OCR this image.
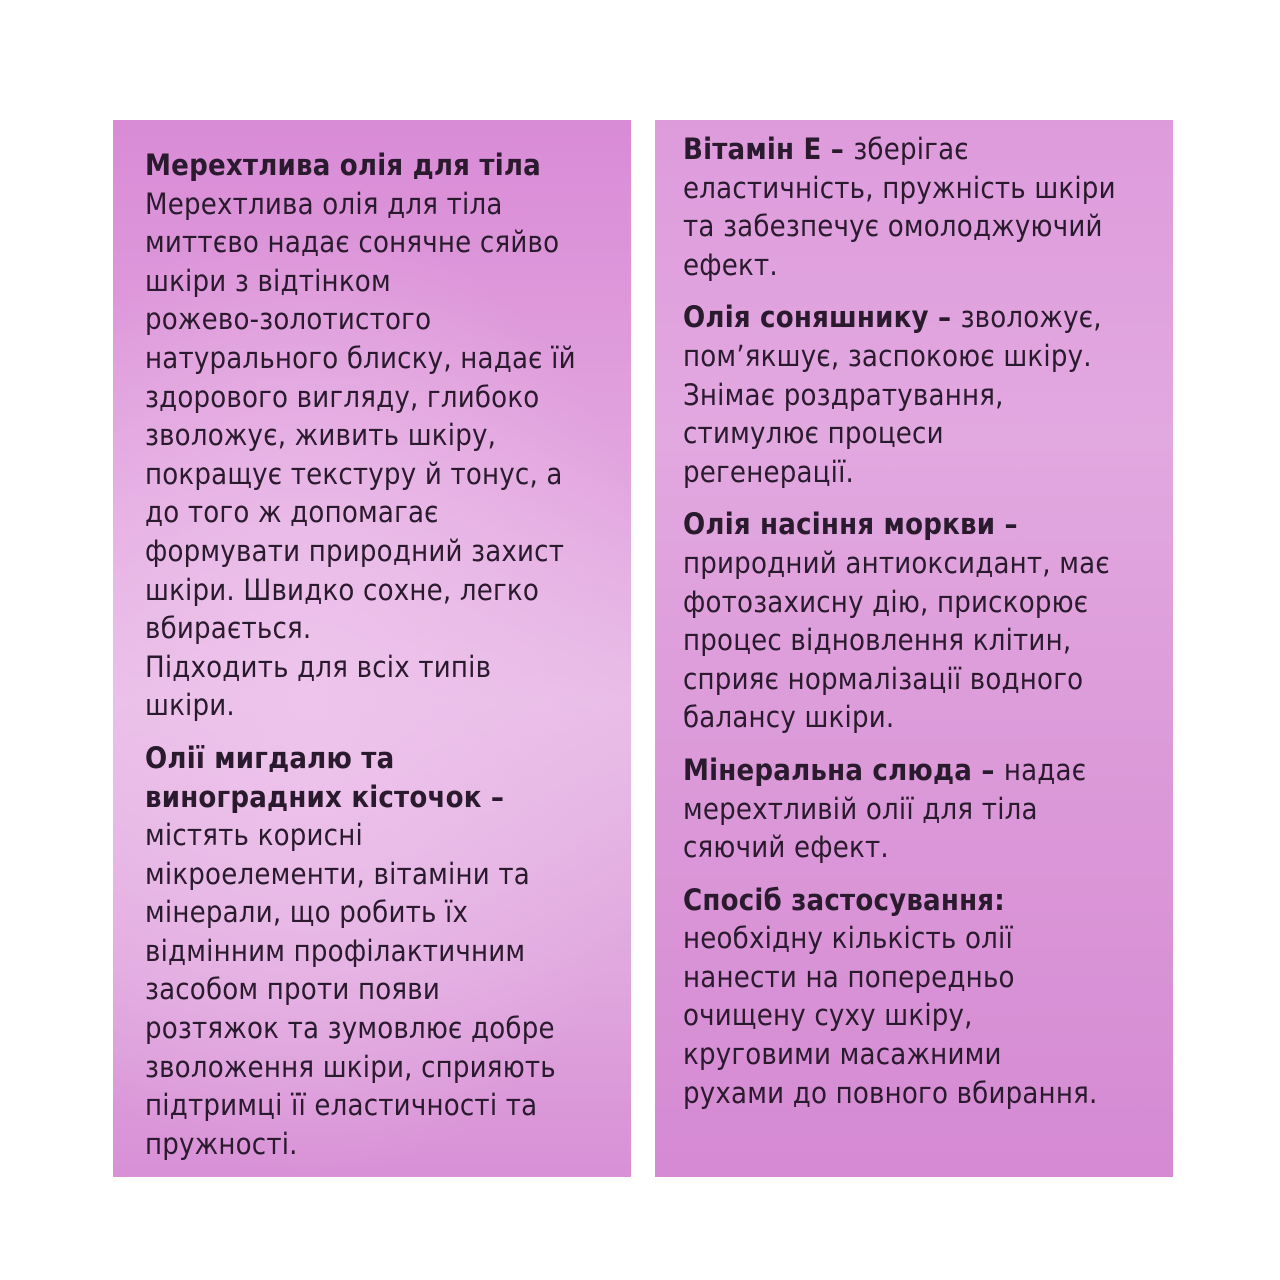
Мерехтлива олія для тіла
Мерехтлива олія для тіла
миттєво надає сонячне сяйво
шкіри з відтінком
рожево-золотистого
натурального блиску, надає їй
здорового вигляду, глибоко
зволожує, живить шкіру,
покращує текстуру й тонус, а
до того ж допомагає
формувати природний захист
шкіри. Швидко сохне, легко
вбирається.
Підходить для всіх типів
шкіри.
Олії мигдалю та
виноградних кісточок –
містять корисні
мікроелементи, вітаміни та
мінерали, що робить їх
відмінним профілактичним
засобом проти появи
розтяжок та зумовлює добре
зволоження шкіри, сприяють
підтримці її еластичності та
пружності.
Вітамін Е – зберігає
еластичність, пружність шкіри
та забезпечує омолоджуючий
ефект.
Олія соняшнику – зволожує,
пом’якшує, заспокоює шкіру.
Знімає роздратування,
стимулює процеси
регенерації.
Олія насіння моркви –
природний антиоксидант, має
фотозахисну дію, прискорює
процес відновлення клітин,
сприяє нормалізації водного
балансу шкіри.
Мінеральна слюда – надає
мерехтливій олії для тіла
сяючий ефект.
Спосіб застосування:
необхідну кількість олії
нанести на попередньо
очищену суху шкіру,
круговими масажними
рухами до повного вбирання.
